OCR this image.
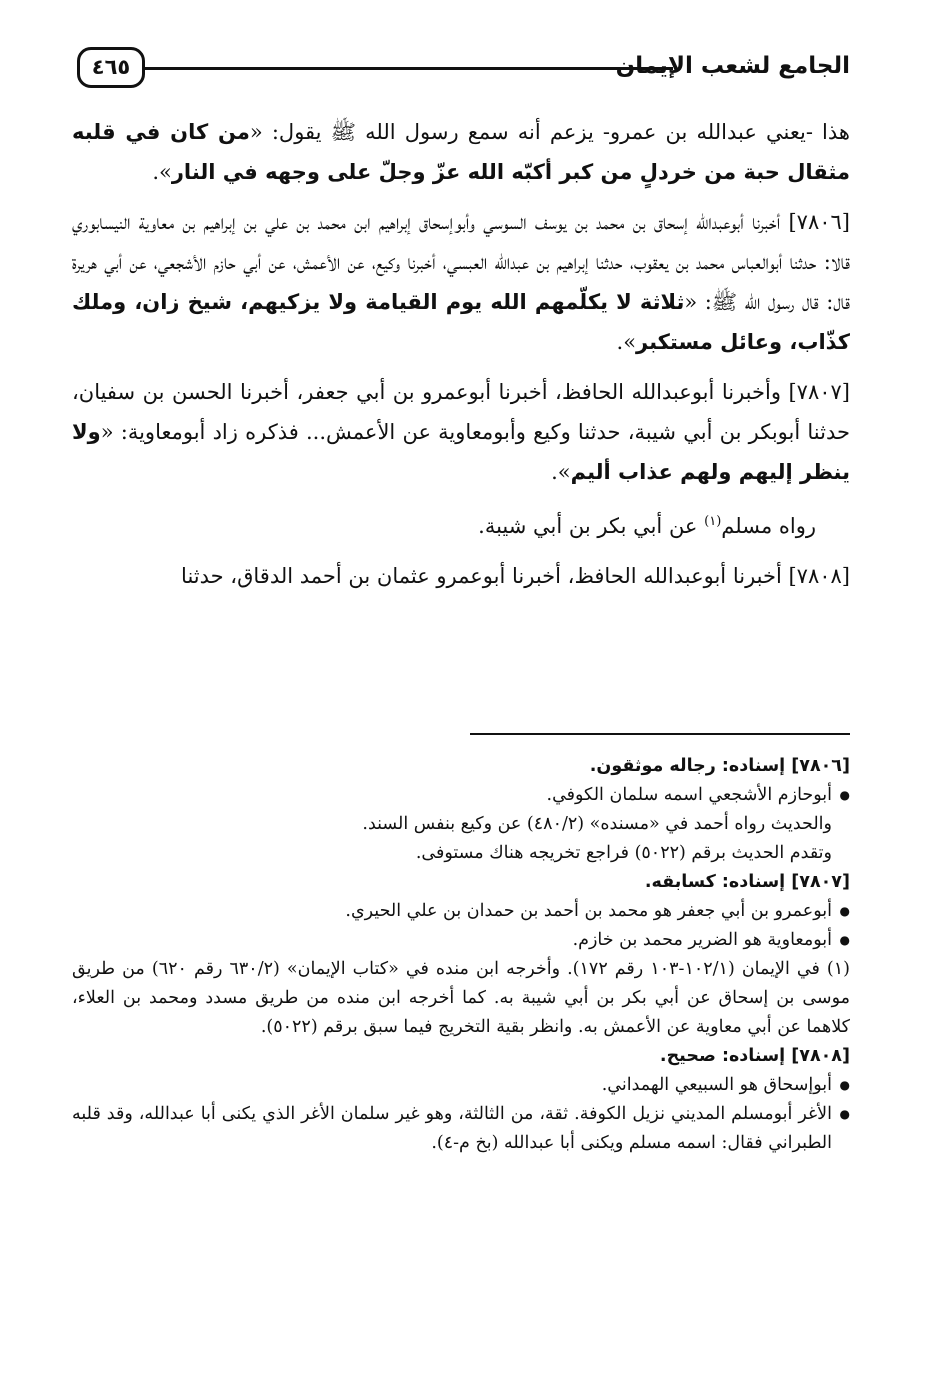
الجامع لشعب الإيمان
٤٦٥

هذا -يعني عبدالله بن عمرو- يزعم أنه سمع رسول الله ﷺ يقول: «من كان في قلبه مثقال حبة من خردلٍ من كبر أكبّه الله عزّ وجلّ على وجهه في النار».

[٧٨٠٦] أخبرنا أبوعبدالله إسحاق بن محمد بن يوسف السوسي وأبوإسحاق إبراهيم ابن محمد بن علي بن إبراهيم بن معاوية النيسابوري قالا: حدثنا أبوالعباس محمد بن يعقوب، حدثنا إبراهيم بن عبدالله العبسي، أخبرنا وكيع، عن الأعمش، عن أبي حازم الأشجعي، عن أبي هريرة قال: قال رسول الله ﷺ: «ثلاثة لا يكلّمهم الله يوم القيامة ولا يزكيهم، شيخ زان، وملك كذّاب، وعائل مستكبر».

[٧٨٠٧] وأخبرنا أبوعبدالله الحافظ، أخبرنا أبوعمرو بن أبي جعفر، أخبرنا الحسن بن سفيان، حدثنا أبوبكر بن أبي شيبة، حدثنا وكيع وأبومعاوية عن الأعمش... فذكره زاد أبومعاوية: «ولا ينظر إليهم ولهم عذاب أليم».

رواه مسلم$^{(١)}$ عن أبي بكر بن أبي شيبة.

[٧٨٠٨] أخبرنا أبوعبدالله الحافظ، أخبرنا أبوعمرو عثمان بن أحمد الدقاق، حدثنا

[٧٨٠٦] إسناده: رجاله موثقون.

● أبوحازم الأشجعي اسمه سلمان الكوفي.

والحديث رواه أحمد في «مسنده» (٤٨٠/٢) عن وكيع بنفس السند.

وتقدم الحديث برقم (٥٠٢٢) فراجع تخريجه هناك مستوفى.

[٧٨٠٧] إسناده: كسابقه.

● أبوعمرو بن أبي جعفر هو محمد بن أحمد بن حمدان بن علي الحيري.

● أبومعاوية هو الضرير محمد بن خازم.

(١) في الإيمان (١٠٢/١-١٠٣ رقم ١٧٢). وأخرجه ابن منده في «كتاب الإيمان» (٦٣٠/٢ رقم ٦٢٠) من طريق موسى بن إسحاق عن أبي بكر بن أبي شيبة به. كما أخرجه ابن منده من طريق مسدد ومحمد بن العلاء، كلاهما عن أبي معاوية عن الأعمش به. وانظر بقية التخريج فيما سبق برقم (٥٠٢٢).

[٧٨٠٨] إسناده: صحيح.

● أبوإسحاق هو السبيعي الهمداني.

● الأغر أبومسلم المديني نزيل الكوفة. ثقة، من الثالثة، وهو غير سلمان الأغر الذي يكنى أبا عبدالله، وقد قلبه الطبراني فقال: اسمه مسلم ويكنى أبا عبدالله (بخ م-٤).
